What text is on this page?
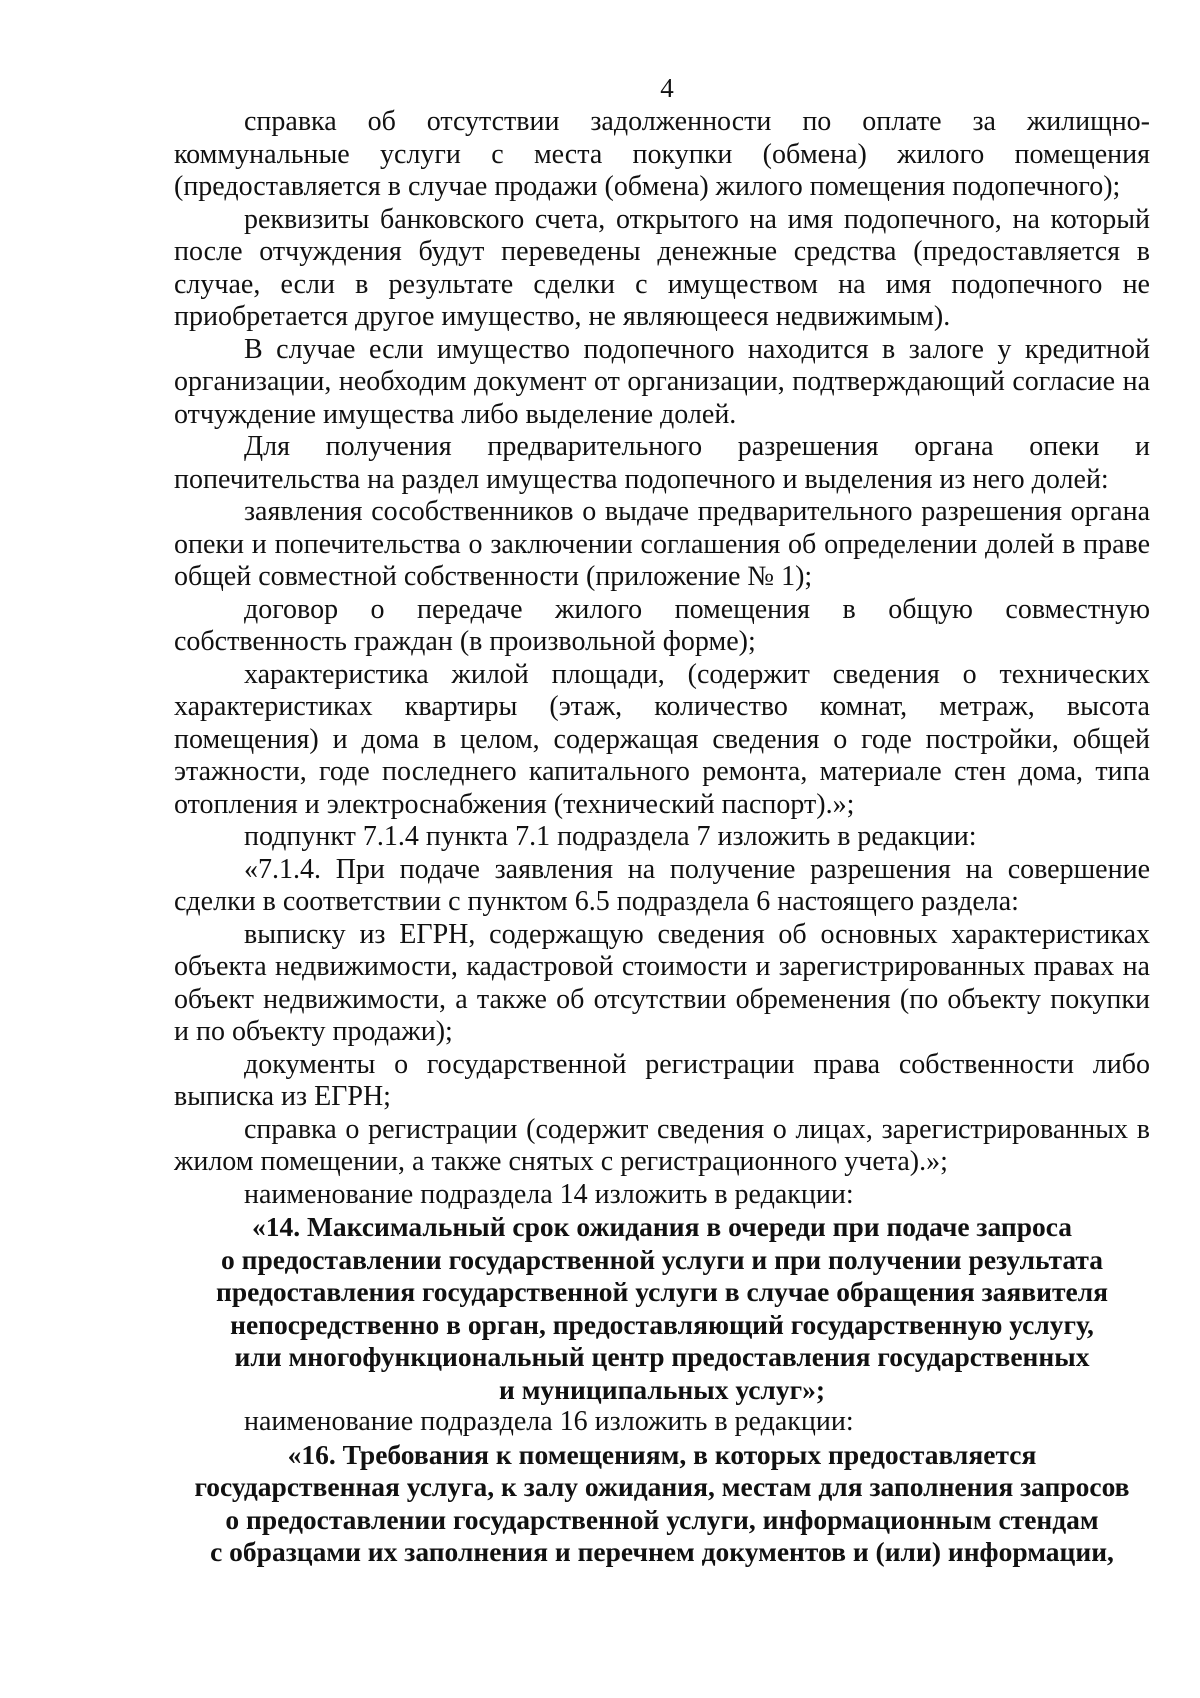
4

справка об отсутствии задолженности по оплате за жилищно-коммунальные услуги с места покупки (обмена) жилого помещения (предоставляется в случае продажи (обмена) жилого помещения подопечного);

реквизиты банковского счета, открытого на имя подопечного, на который после отчуждения будут переведены денежные средства (предоставляется в случае, если в результате сделки с имуществом на имя подопечного не приобретается другое имущество, не являющееся недвижимым).

В случае если имущество подопечного находится в залоге у кредитной организации, необходим документ от организации, подтверждающий согласие на отчуждение имущества либо выделение долей.

Для получения предварительного разрешения органа опеки и попечительства на раздел имущества подопечного и выделения из него долей:

заявления сособственников о выдаче предварительного разрешения органа опеки и попечительства о заключении соглашения об определении долей в праве общей совместной собственности (приложение № 1);

договор о передаче жилого помещения в общую совместную собственность граждан (в произвольной форме);

характеристика жилой площади, (содержит сведения о технических характеристиках квартиры (этаж, количество комнат, метраж, высота помещения) и дома в целом, содержащая сведения о годе постройки, общей этажности, годе последнего капитального ремонта, материале стен дома, типа отопления и электроснабжения (технический паспорт).»;

подпункт 7.1.4 пункта 7.1 подраздела 7 изложить в редакции:

«7.1.4. При подаче заявления на получение разрешения на совершение сделки в соответствии с пунктом 6.5 подраздела 6 настоящего раздела:

выписку из ЕГРН, содержащую сведения об основных характеристиках объекта недвижимости, кадастровой стоимости и зарегистрированных правах на объект недвижимости, а также об отсутствии обременения (по объекту покупки и по объекту продажи);

документы о государственной регистрации права собственности либо выписка из ЕГРН;

справка о регистрации (содержит сведения о лицах, зарегистрированных в жилом помещении, а также снятых с регистрационного учета).»;

наименование подраздела 14 изложить в редакции:

«14. Максимальный срок ожидания в очереди при подаче запроса
о предоставлении государственной услуги и при получении результата
предоставления государственной услуги в случае обращения заявителя
непосредственно в орган, предоставляющий государственную услугу,
или многофункциональный центр предоставления государственных
и муниципальных услуг»;

наименование подраздела 16 изложить в редакции:

«16. Требования к помещениям, в которых предоставляется
государственная услуга, к залу ожидания, местам для заполнения запросов
о предоставлении государственной услуги, информационным стендам
с образцами их заполнения и перечнем документов и (или) информации,
